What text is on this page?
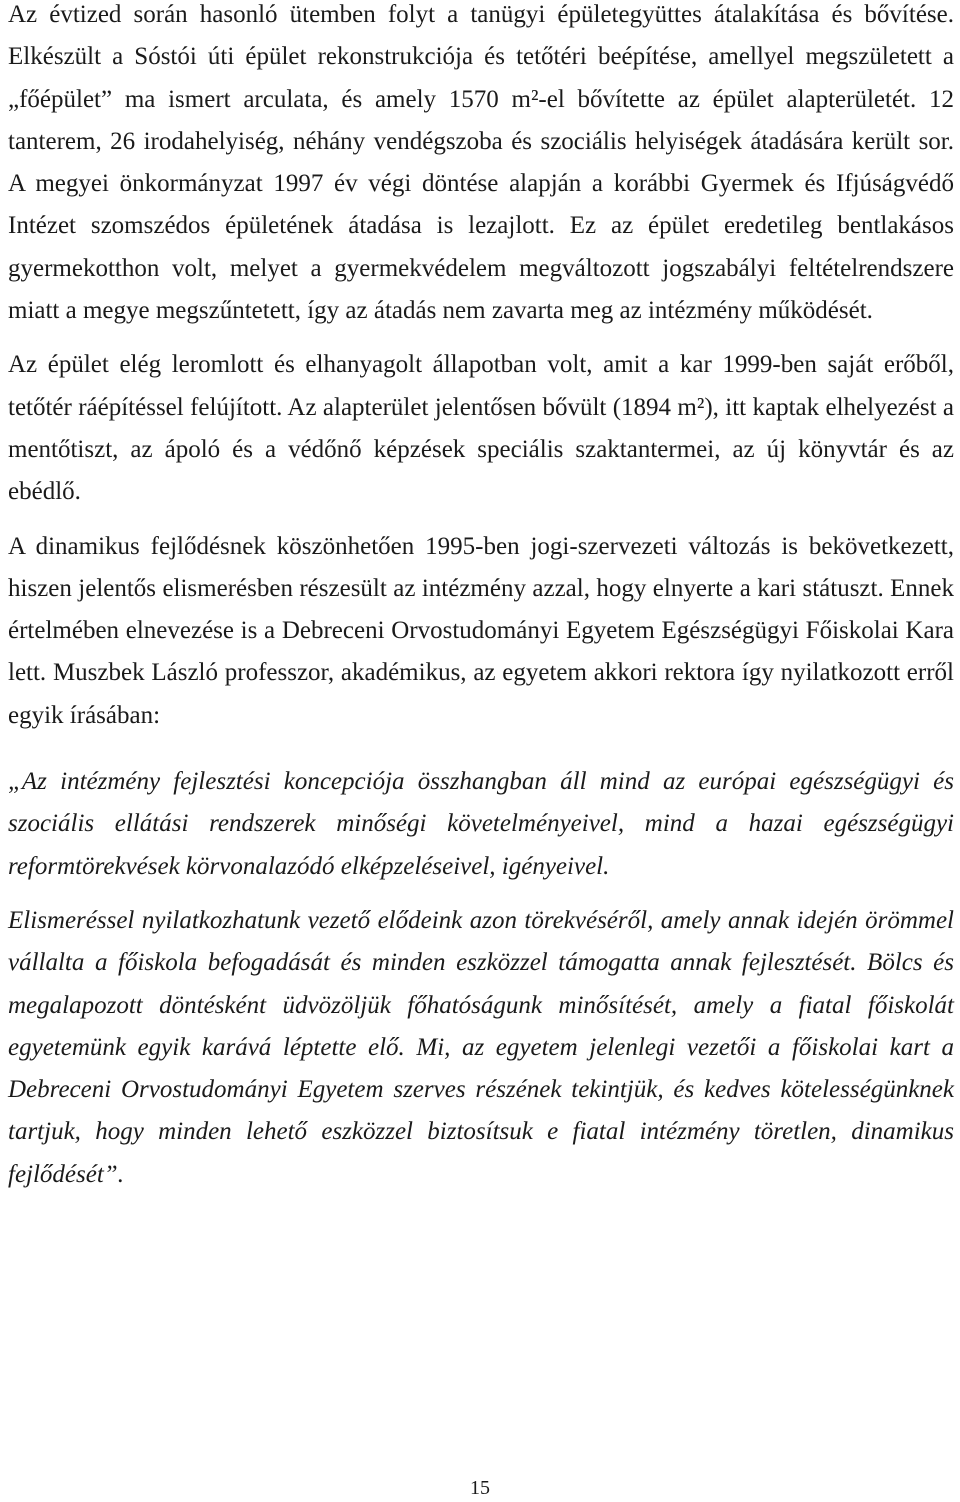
Az évtized során hasonló ütemben folyt a tanügyi épületegyüttes átalakítása és bővítése. Elkészült a Sóstói úti épület rekonstrukciója és tetőtéri beépítése, amellyel megszületett a „főépület” ma ismert arculata, és amely 1570 m²-el bővítette az épület alapterületét. 12 tanterem, 26 irodahelyiség, néhány vendégszoba és szociális helyiségek átadására került sor. A megyei önkormányzat 1997 év végi döntése alapján a korábbi Gyermek és Ifjúságvédő Intézet szomszédos épületének átadása is lezajlott. Ez az épület eredetileg bentlakásos gyermekotthon volt, melyet a gyermekvédelem megváltozott jogszabályi feltételrendszere miatt a megye megszűntetett, így az átadás nem zavarta meg az intézmény működését.

Az épület elég leromlott és elhanyagolt állapotban volt, amit a kar 1999-ben saját erőből, tetőtér ráépítéssel felújított. Az alapterület jelentősen bővült (1894 m²), itt kaptak elhelyezést a mentőtiszt, az ápoló és a védőnő képzések speciális szaktantermei, az új könyvtár és az ebédlő.

A dinamikus fejlődésnek köszönhetően 1995-ben jogi-szervezeti változás is bekövetkezett, hiszen jelentős elismerésben részesült az intézmény azzal, hogy elnyerte a kari státuszt. Ennek értelmében elnevezése is a Debreceni Orvostudományi Egyetem Egészségügyi Főiskolai Kara lett. Muszbek László professzor, akadémikus, az egyetem akkori rektora így nyilatkozott erről egyik írásában:

„Az intézmény fejlesztési koncepciója összhangban áll mind az európai egészségügyi és szociális ellátási rendszerek minőségi követelményeivel, mind a hazai egészségügyi reformtörekvések körvonalazódó elképzeléseivel, igényeivel.

Elismeréssel nyilatkozhatunk vezető elődeink azon törekvéséről, amely annak idején örömmel vállalta a főiskola befogadását és minden eszközzel támogatta annak fejlesztését. Bölcs és megalapozott döntésként üdvözöljük főhatóságunk minősítését, amely a fiatal főiskolát egyetemünk egyik karává léptette elő. Mi, az egyetem jelenlegi vezetői a főiskolai kart a Debreceni Orvostudományi Egyetem szerves részének tekintjük, és kedves kötelességünknek tartjuk, hogy minden lehető eszközzel biztosítsuk e fiatal intézmény töretlen, dinamikus fejlődését”.

15
